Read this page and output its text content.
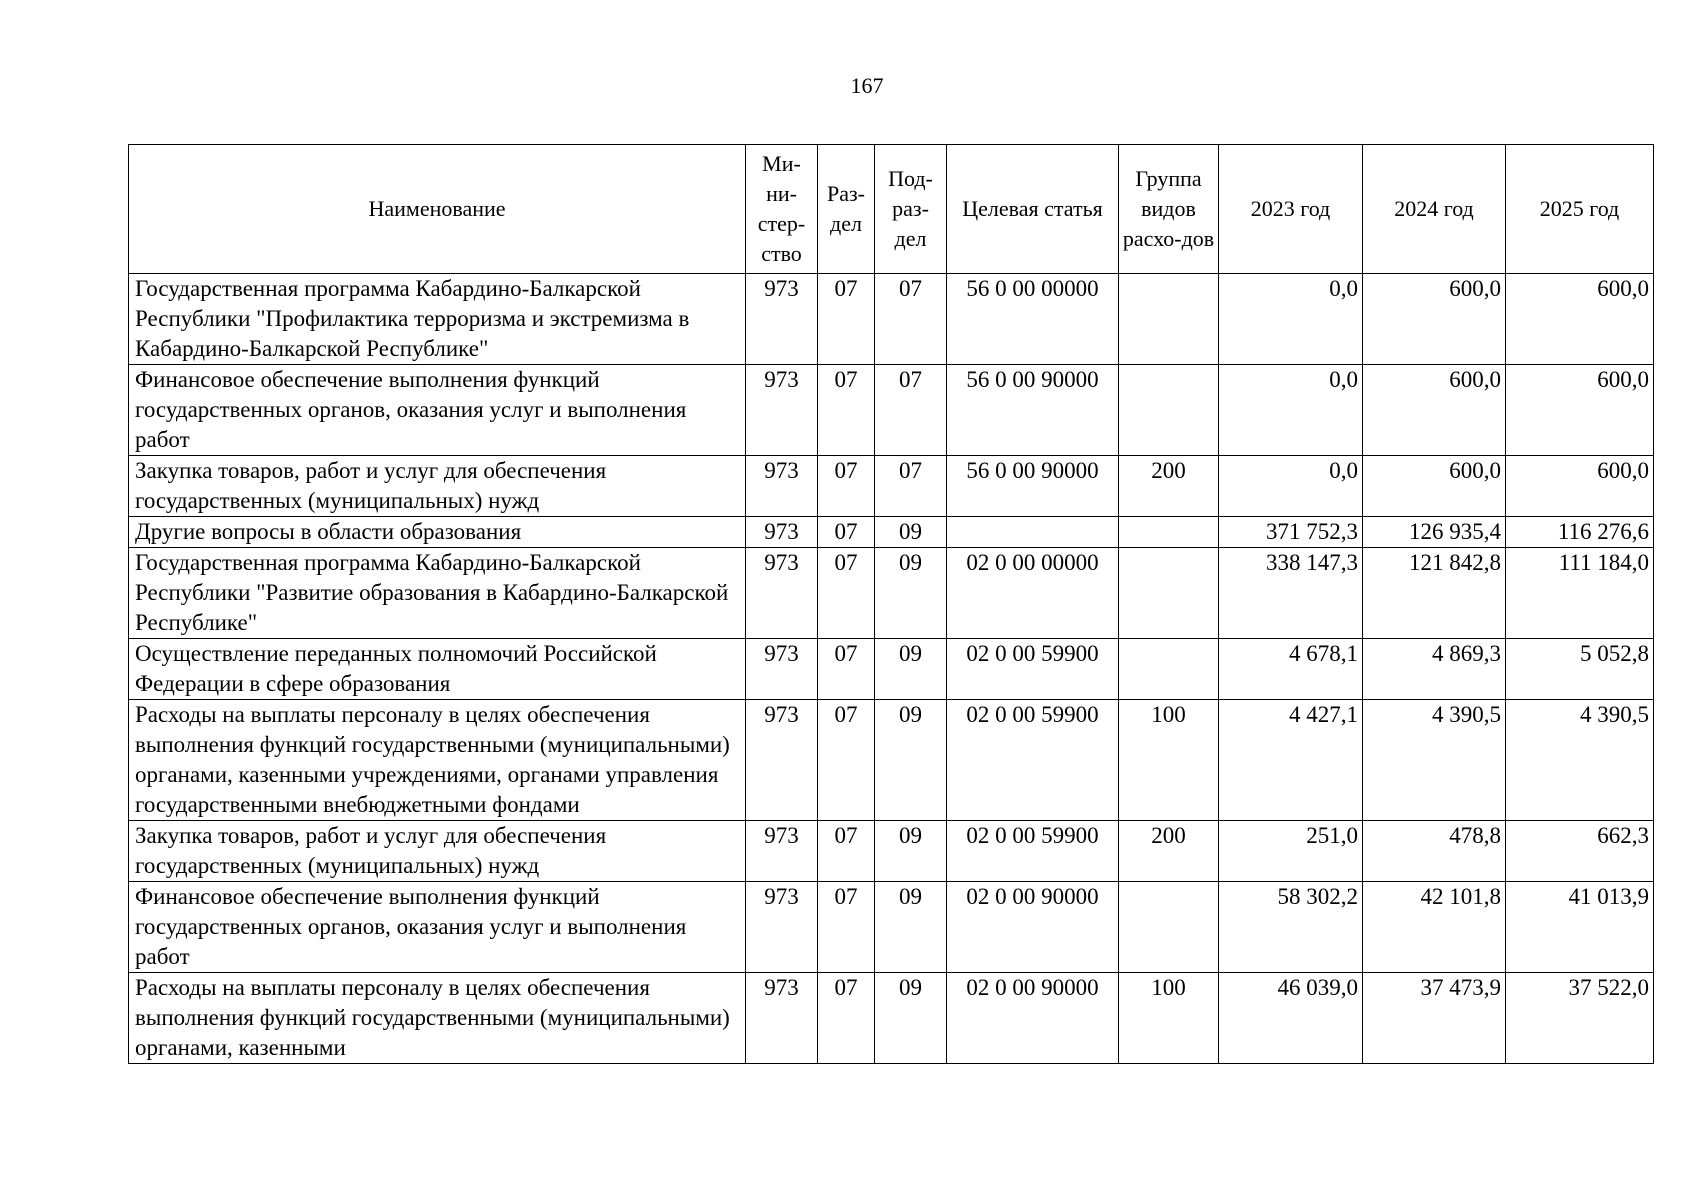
167
Наименование	Ми-ни-стер-ство	Раз-дел	Под-раз-дел	Целевая статья	Группа видов расхо-дов	2023 год	2024 год	2025 год
Государственная программа Кабардино-Балкарской Республики "Профилактика терроризма и экстремизма в Кабардино-Балкарской Республике"	973	07	07	56 0 00 00000		0,0	600,0	600,0
Финансовое обеспечение выполнения функций государственных органов, оказания услуг и выполнения работ	973	07	07	56 0 00 90000		0,0	600,0	600,0
Закупка товаров, работ и услуг для обеспечения государственных (муниципальных) нужд	973	07	07	56 0 00 90000	200	0,0	600,0	600,0
Другие вопросы в области образования	973	07	09			371 752,3	126 935,4	116 276,6
Государственная программа Кабардино-Балкарской Республики "Развитие образования в Кабардино-Балкарской Республике"	973	07	09	02 0 00 00000		338 147,3	121 842,8	111 184,0
Осуществление переданных полномочий Российской Федерации в сфере образования	973	07	09	02 0 00 59900		4 678,1	4 869,3	5 052,8
Расходы на выплаты персоналу в целях обеспечения выполнения функций государственными (муниципальными) органами, казенными учреждениями, органами управления государственными внебюджетными фондами	973	07	09	02 0 00 59900	100	4 427,1	4 390,5	4 390,5
Закупка товаров, работ и услуг для обеспечения государственных (муниципальных) нужд	973	07	09	02 0 00 59900	200	251,0	478,8	662,3
Финансовое обеспечение выполнения функций государственных органов, оказания услуг и выполнения работ	973	07	09	02 0 00 90000		58 302,2	42 101,8	41 013,9
Расходы на выплаты персоналу в целях обеспечения выполнения функций государственными (муниципальными) органами, казенными	973	07	09	02 0 00 90000	100	46 039,0	37 473,9	37 522,0
